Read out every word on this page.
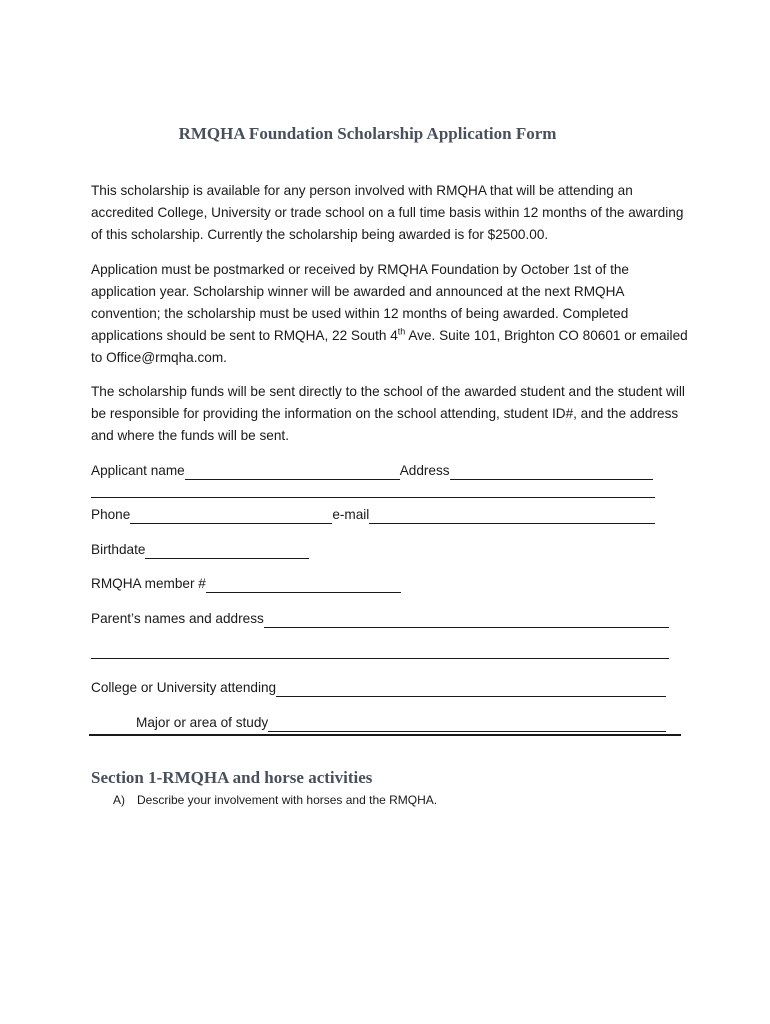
RMQHA Foundation Scholarship Application Form

This scholarship is available for any person involved with RMQHA that will be attending an accredited College, University or trade school on a full time basis within 12 months of the awarding of this scholarship. Currently the scholarship being awarded is for $2500.00.

Application must be postmarked or received by RMQHA Foundation by October 1st of the application year. Scholarship winner will be awarded and announced at the next RMQHA convention; the scholarship must be used within 12 months of being awarded. Completed applications should be sent to RMQHA, 22 South 4th Ave. Suite 101, Brighton CO 80601 or emailed to Office@rmqha.com.

The scholarship funds will be sent directly to the school of the awarded student and the student will be responsible for providing the information on the school attending, student ID#, and the address and where the funds will be sent.

Applicant name	Address
Phone	e-mail
Birthdate
RMQHA member #
Parent’s names and address
College or University attending
Major or area of study
Section 1-RMQHA and horse activities
A)	Describe your involvement with horses and the RMQHA.
